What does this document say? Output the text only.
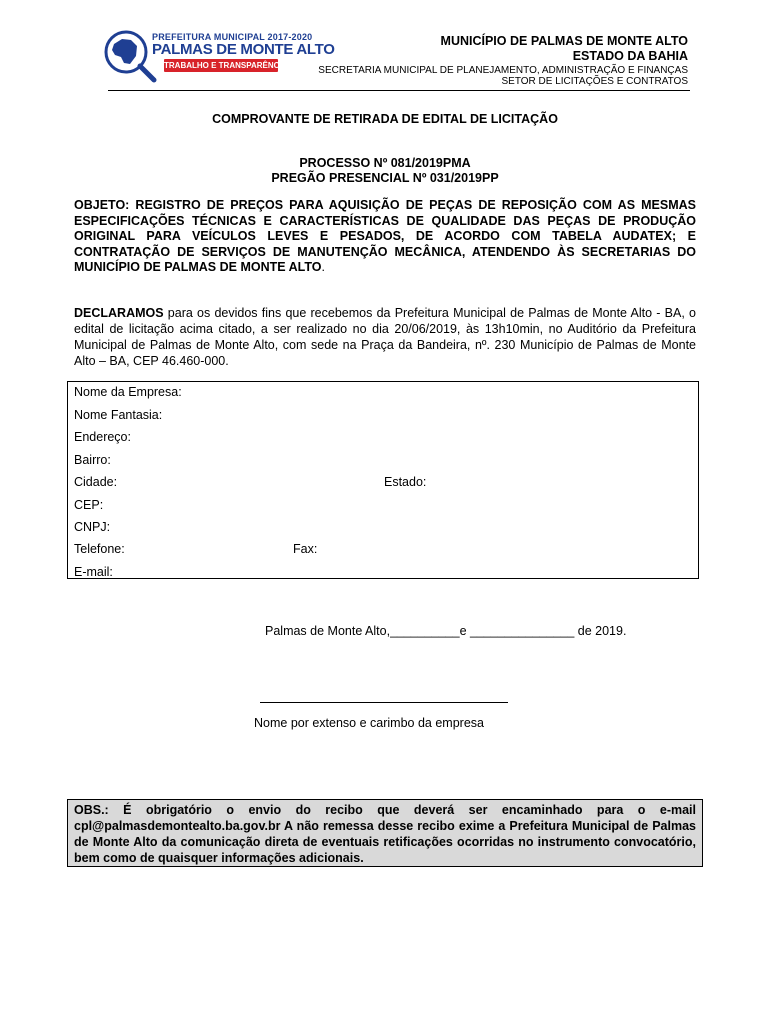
PREFEITURA MUNICIPAL 2017-2020
PALMAS DE MONTE ALTO
TRABALHO E TRANSPARÊNCIA
MUNICÍPIO DE PALMAS DE MONTE ALTO
ESTADO DA BAHIA
SECRETARIA MUNICIPAL DE PLANEJAMENTO, ADMINISTRAÇÃO E FINANÇAS
SETOR DE LICITAÇÕES E CONTRATOS
COMPROVANTE DE RETIRADA DE EDITAL DE LICITAÇÃO
PROCESSO Nº 081/2019PMA
PREGÃO PRESENCIAL Nº 031/2019PP
OBJETO: REGISTRO DE PREÇOS PARA AQUISIÇÃO DE PEÇAS DE REPOSIÇÃO COM AS MESMAS ESPECIFICAÇÕES TÉCNICAS E CARACTERÍSTICAS DE QUALIDADE DAS PEÇAS DE PRODUÇÃO ORIGINAL PARA VEÍCULOS LEVES E PESADOS, DE ACORDO COM TABELA AUDATEX; E CONTRATAÇÃO DE SERVIÇOS DE MANUTENÇÃO MECÂNICA, ATENDENDO ÀS SECRETARIAS DO MUNICÍPIO DE PALMAS DE MONTE ALTO.
DECLARAMOS para os devidos fins que recebemos da Prefeitura Municipal de Palmas de Monte Alto - BA, o edital de licitação acima citado, a ser realizado no dia 20/06/2019, às 13h10min, no Auditório da Prefeitura Municipal de Palmas de Monte Alto, com sede na Praça da Bandeira, nº. 230 Município de Palmas de Monte Alto – BA, CEP 46.460-000.
Nome da Empresa:
Nome Fantasia:
Endereço:
Bairro:
Cidade:	Estado:
CEP:
CNPJ:
Telefone:	Fax:
E-mail:
Palmas de Monte Alto,__________e _______________ de 2019.
Nome por extenso e carimbo da empresa
OBS.: É obrigatório o envio do recibo que deverá ser encaminhado para o e-mail cpl@palmasdemontealto.ba.gov.br A não remessa desse recibo exime a Prefeitura Municipal de Palmas de Monte Alto da comunicação direta de eventuais retificações ocorridas no instrumento convocatório, bem como de quaisquer informações adicionais.
